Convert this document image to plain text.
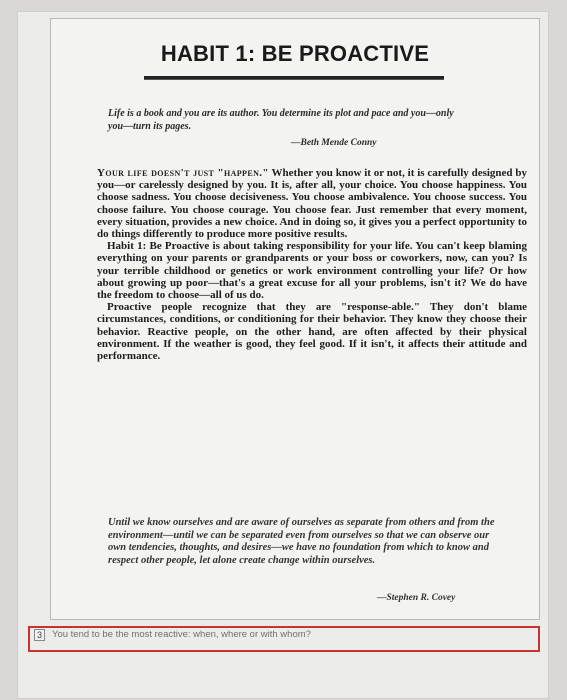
HABIT 1: BE PROACTIVE
Life is a book and you are its author. You determine its plot and pace and you—only you—turn its pages.
—Beth Mende Conny

Your life doesn't just "happen." Whether you know it or not, it is carefully designed by you—or carelessly designed by you. It is, after all, your choice. You choose happiness. You choose sadness. You choose decisiveness. You choose ambivalence. You choose success. You choose failure. You choose courage. You choose fear. Just remember that every moment, every situation, provides a new choice. And in doing so, it gives you a perfect opportunity to do things differently to produce more positive results.

Habit 1: Be Proactive is about taking responsibility for your life. You can't keep blaming everything on your parents or grandparents or your boss or coworkers, now, can you? Is your terrible childhood or genetics or work environment controlling your life? Or how about growing up poor—that's a great excuse for all your problems, isn't it? We do have the freedom to choose—all of us do.

Proactive people recognize that they are "response-able." They don't blame circumstances, conditions, or conditioning for their behavior. They know they choose their behavior. Reactive people, on the other hand, are often affected by their physical environment. If the weather is good, they feel good. If it isn't, it affects their attitude and performance.

Until we know ourselves and are aware of ourselves as separate from others and from the environment—until we can be separated even from ourselves so that we can observe our own tendencies, thoughts, and desires—we have no foundation from which to know and respect other people, let alone create change within ourselves.
—Stephen R. Covey
3	You tend to be the most reactive: when, where or with whom?
